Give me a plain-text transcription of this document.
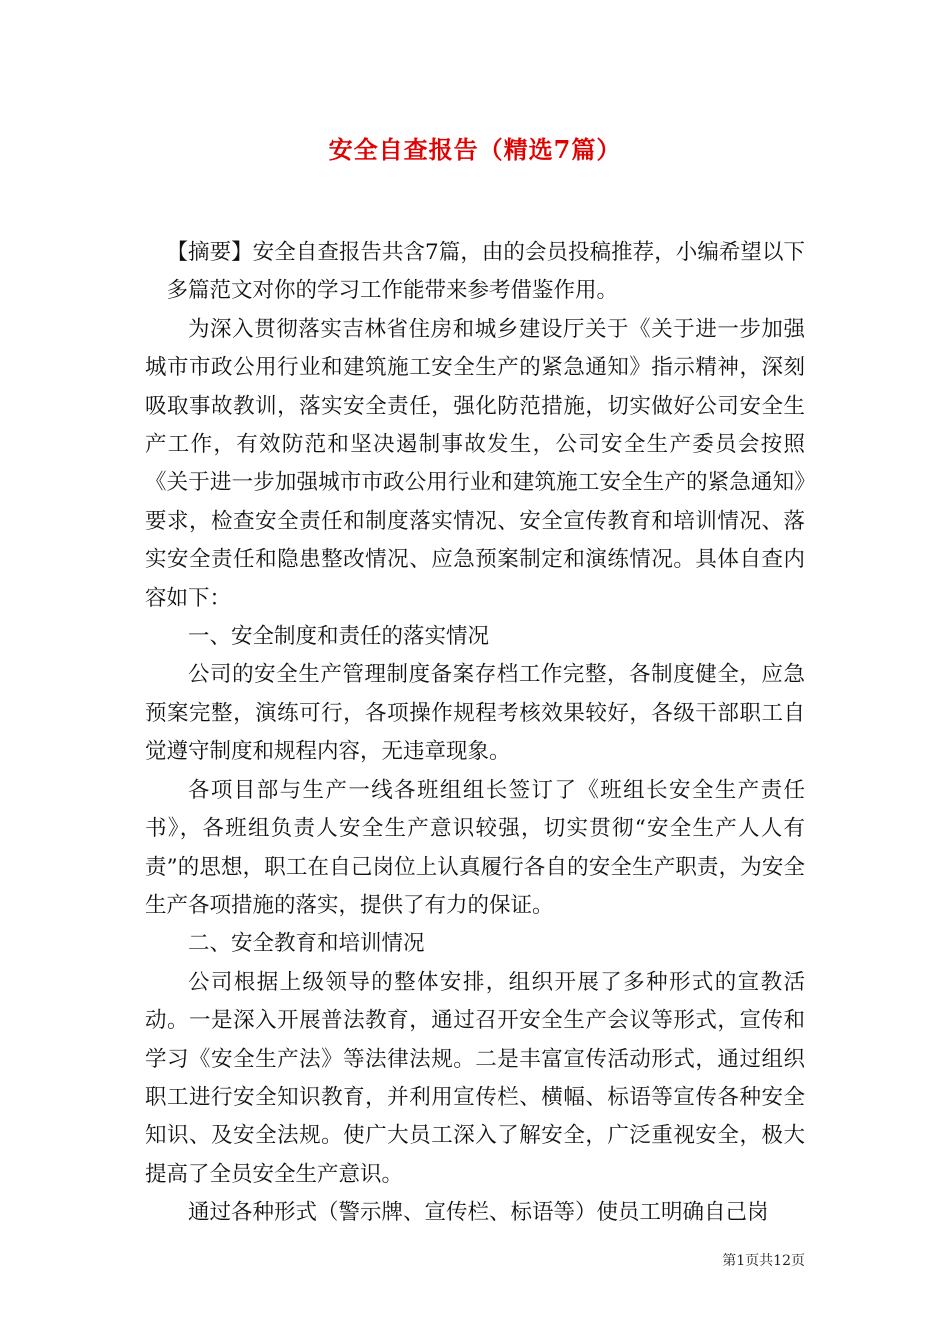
安全自查报告（精选7篇）

【摘要】安全自查报告共含7篇，由的会员投稿推荐，小编希望以下多篇范文对你的学习工作能带来参考借鉴作用。

为深入贯彻落实吉林省住房和城乡建设厅关于《关于进一步加强城市市政公用行业和建筑施工安全生产的紧急通知》指示精神，深刻吸取事故教训，落实安全责任，强化防范措施，切实做好公司安全生产工作，有效防范和坚决遏制事故发生，公司安全生产委员会按照《关于进一步加强城市市政公用行业和建筑施工安全生产的紧急通知》要求，检查安全责任和制度落实情况、安全宣传教育和培训情况、落实安全责任和隐患整改情况、应急预案制定和演练情况。具体自查内容如下：

一、安全制度和责任的落实情况

公司的安全生产管理制度备案存档工作完整，各制度健全，应急预案完整，演练可行，各项操作规程考核效果较好，各级干部职工自觉遵守制度和规程内容，无违章现象。

各项目部与生产一线各班组组长签订了《班组长安全生产责任书》，各班组负责人安全生产意识较强，切实贯彻“安全生产人人有责”的思想，职工在自己岗位上认真履行各自的安全生产职责，为安全生产各项措施的落实，提供了有力的保证。

二、安全教育和培训情况

公司根据上级领导的整体安排，组织开展了多种形式的宣教活动。一是深入开展普法教育，通过召开安全生产会议等形式，宣传和学习《安全生产法》等法律法规。二是丰富宣传活动形式，通过组织职工进行安全知识教育，并利用宣传栏、横幅、标语等宣传各种安全知识、及安全法规。使广大员工深入了解安全，广泛重视安全，极大提高了全员安全生产意识。

通过各种形式（警示牌、宣传栏、标语等）使员工明确自己岗

第1页共12页
